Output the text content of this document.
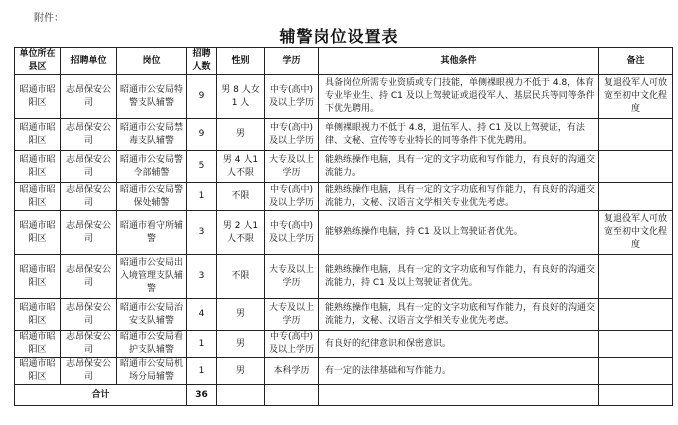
附件：
辅警岗位设置表
单位所在县区	招聘单位	岗位	招聘人数	性别	学历	其他条件	备注
昭通市昭阳区	志昂保安公司	昭通市公安局特警支队辅警	9	男 8 人女 1 人	中专(高中)及以上学历	具备岗位所需专业资质或专门技能，单侧裸眼视力不低于 4.8，体育专业毕业生、持 C1 及以上驾驶证或退役军人、基层民兵等同等条件下优先聘用。	复退役军人可放宽至初中文化程度
昭通市昭阳区	志昂保安公司	昭通市公安局禁毒支队辅警	9	男	中专(高中)及以上学历	单侧裸眼视力不低于 4.8，退伍军人、持 C1 及以上驾驶证，有法律、文秘、宣传等专业特长的同等条件下优先聘用。	
昭通市昭阳区	志昂保安公司	昭通市公安局警令部辅警	5	男 4 人1 人不限	大专及以上学历	能熟练操作电脑，具有一定的文字功底和写作能力，有良好的沟通交流能力。	
昭通市昭阳区	志昂保安公司	昭通市公安局警保处辅警	1	不限	中专(高中)及以上学历	能熟练操作电脑，具有一定的文字功底和写作能力，有良好的沟通交流能力，文秘、汉语言文学相关专业优先考虑。	
昭通市昭阳区	志昂保安公司	昭通市看守所辅警	3	男 2 人1 人不限	中专(高中)及以上学历	能够熟练操作电脑，持 C1 及以上驾驶证者优先。	复退役军人可放宽至初中文化程度
昭通市昭阳区	志昂保安公司	昭通市公安局出入境管理支队辅警	3	不限	大专及以上学历	能熟练操作电脑，具有一定的文字功底和写作能力，有良好的沟通交流能力，持 C1 及以上驾驶证者优先。	
昭通市昭阳区	志昂保安公司	昭通市公安局治安支队辅警	4	男	大专及以上学历	能熟练操作电脑，具有一定的文字功底和写作能力，有良好的沟通交流能力，文秘、汉语言文学相关专业优先考虑。	
昭通市昭阳区	志昂保安公司	昭通市公安局看护支队辅警	1	男	中专(高中)及以上学历	有良好的纪律意识和保密意识。	
昭通市昭阳区	志昂保安公司	昭通市公安局机场分局辅警	1	男	本科学历	有一定的法律基础和写作能力。	
合计			36				
